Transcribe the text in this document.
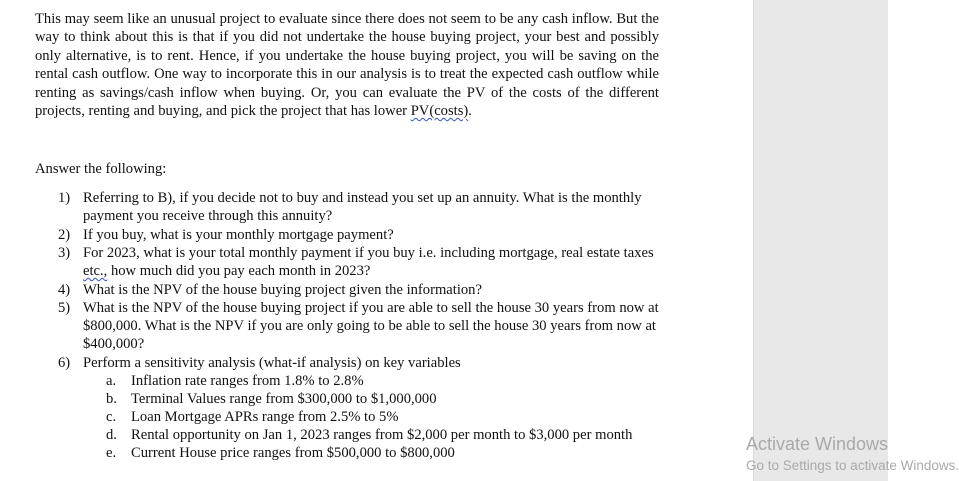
This may seem like an unusual project to evaluate since there does not seem to be any cash inflow. But the way to think about this is that if you did not undertake the house buying project, your best and possibly only alternative, is to rent. Hence, if you undertake the house buying project, you will be saving on the rental cash outflow. One way to incorporate this in our analysis is to treat the expected cash outflow while renting as savings/cash inflow when buying. Or, you can evaluate the PV of the costs of the different projects, renting and buying, and pick the project that has lower PV(costs).

Answer the following:

1) Referring to B), if you decide not to buy and instead you set up an annuity. What is the monthly payment you receive through this annuity?
2) If you buy, what is your monthly mortgage payment?
3) For 2023, what is your total monthly payment if you buy i.e. including mortgage, real estate taxes etc., how much did you pay each month in 2023?
4) What is the NPV of the house buying project given the information?
5) What is the NPV of the house buying project if you are able to sell the house 30 years from now at $800,000. What is the NPV if you are only going to be able to sell the house 30 years from now at $400,000?
6) Perform a sensitivity analysis (what-if analysis) on key variables
a. Inflation rate ranges from 1.8% to 2.8%
b. Terminal Values range from $300,000 to $1,000,000
c. Loan Mortgage APRs range from 2.5% to 5%
d. Rental opportunity on Jan 1, 2023 ranges from $2,000 per month to $3,000 per month
e. Current House price ranges from $500,000 to $800,000	Activate Windows
Go to Settings to activate Windows.
